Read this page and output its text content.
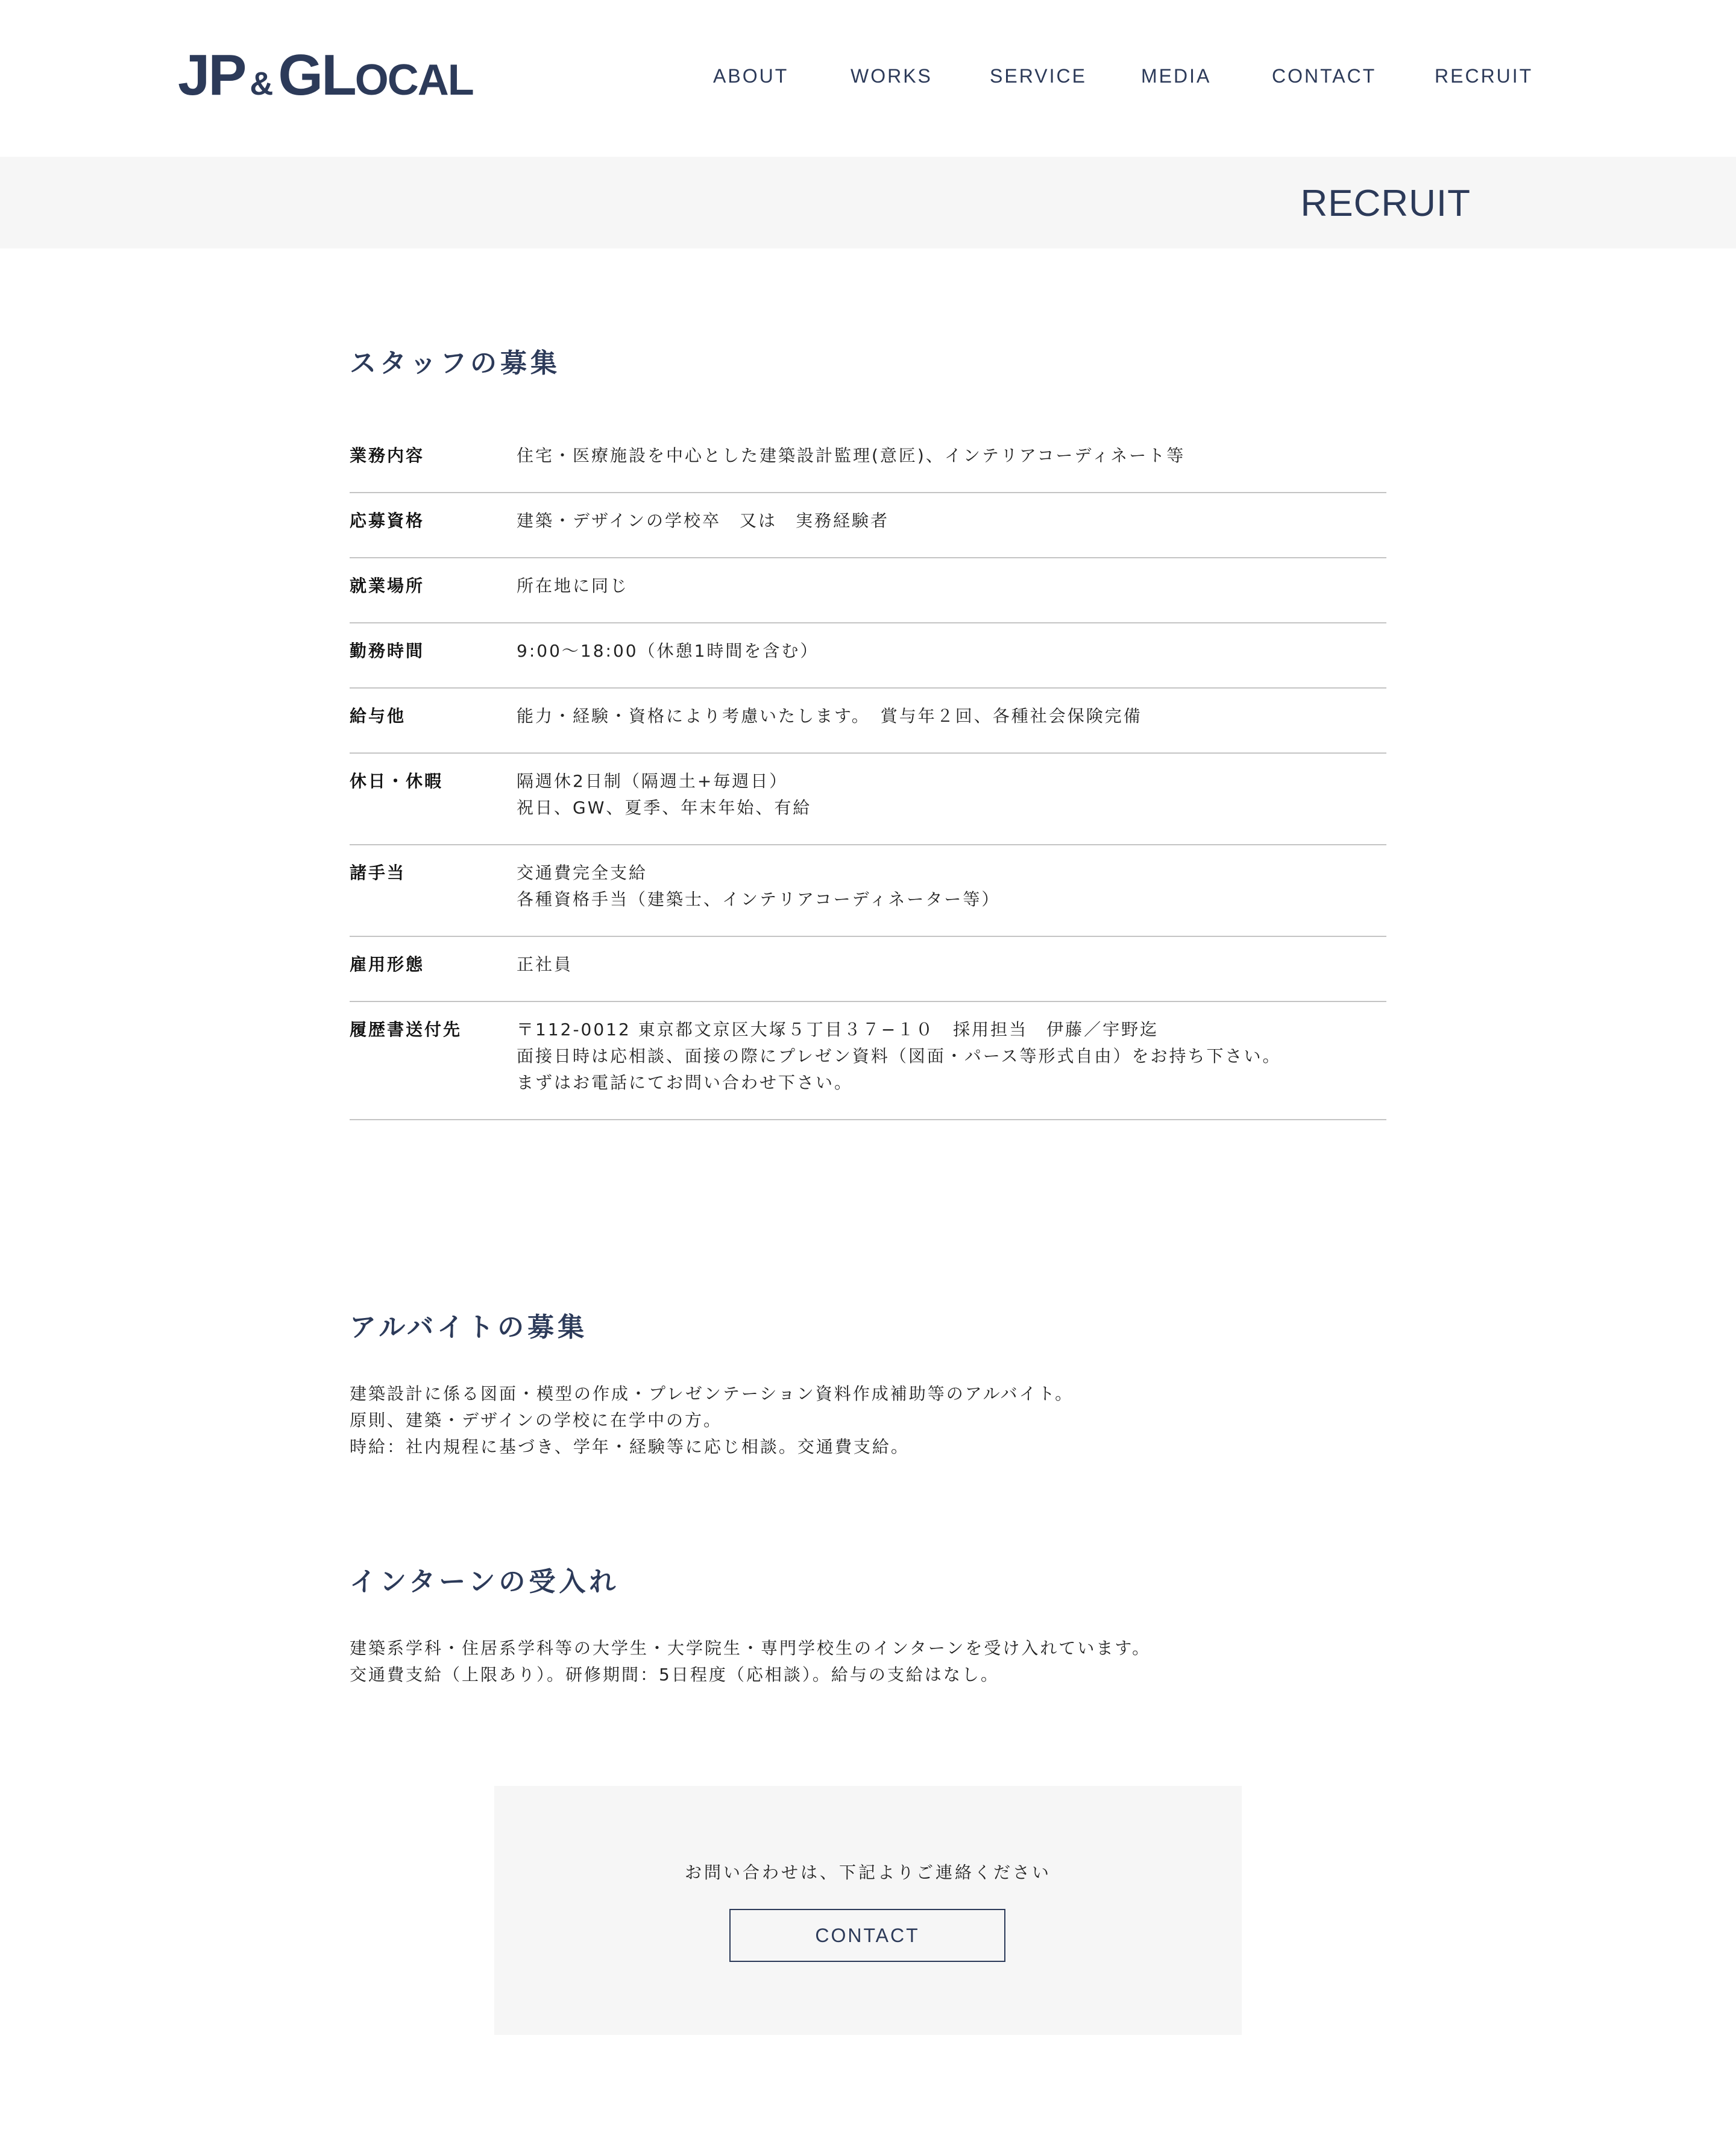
JP &GLOCAL	ABOUT	WORKS	SERVICE	MEDIA	CONTACT	RECRUIT
RECRUIT
スタッフの募集
業務内容	住宅・医療施設を中心とした建築設計監理(意匠)、インテリアコーディネート等
応募資格	建築・デザインの学校卒　又は　実務経験者
就業場所	所在地に同じ
勤務時間	9:00〜18:00（休憩1時間を含む）
給与他	能力・経験・資格により考慮いたします。　賞与年２回、各種社会保険完備
休日・休暇	隔週休2日制（隔週土+毎週日）
祝日、GW、夏季、年末年始、有給
諸手当	交通費完全支給
各種資格手当（建築士、インテリアコーディネーター等）
雇用形態	正社員
履歴書送付先	〒112-0012 東京都文京区大塚５丁目３７−１０　採用担当　伊藤／宇野迄
面接日時は応相談、面接の際にプレゼン資料（図面・パース等形式自由）をお持ち下さい。
まずはお電話にてお問い合わせ下さい。
アルバイトの募集
建築設計に係る図面・模型の作成・プレゼンテーション資料作成補助等のアルバイト。
原則、建築・デザインの学校に在学中の方。
時給：社内規程に基づき、学年・経験等に応じ相談。交通費支給。
インターンの受入れ
建築系学科・住居系学科等の大学生・大学院生・専門学校生のインターンを受け入れています。
交通費支給（上限あり）。研修期間：5日程度（応相談）。給与の支給はなし。
お問い合わせは、下記よりご連絡ください
CONTACT
